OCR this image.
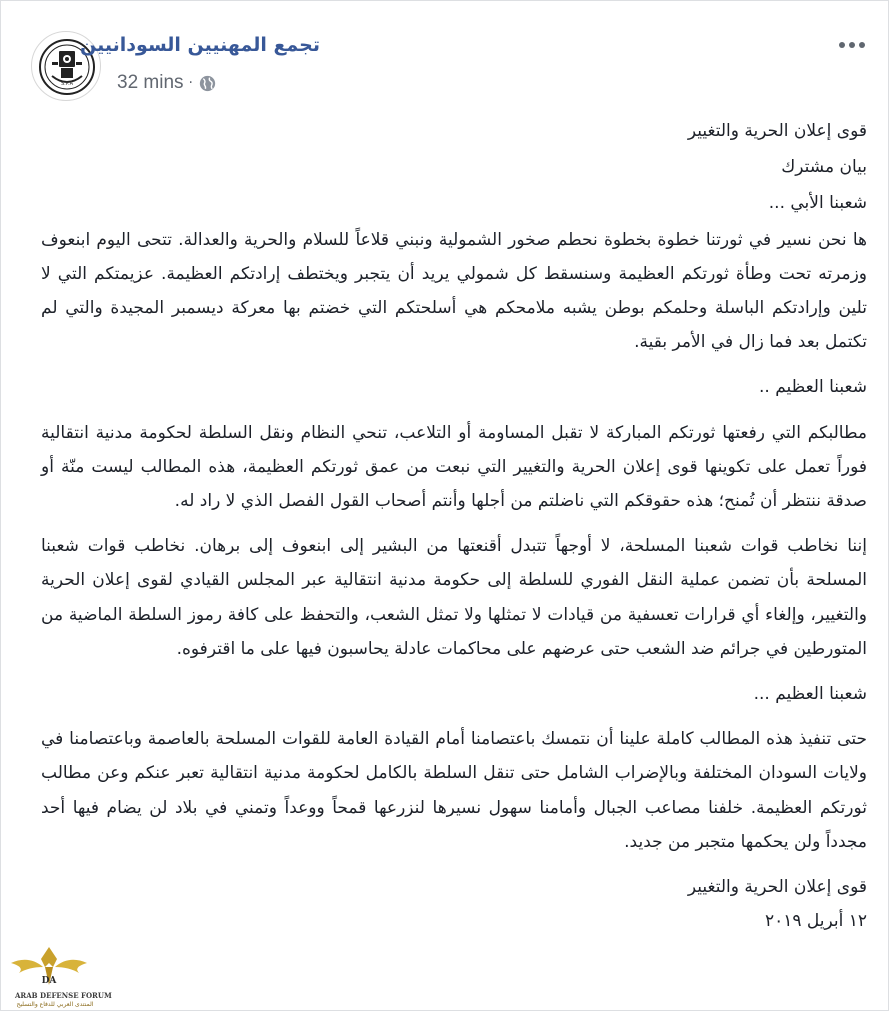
S.P.A
تجمع المهنيين السودانيين
32 mins ·

قوى إعلان الحرية والتغيير

بيان مشترك

شعبنا الأبي ...

ها نحن نسير في ثورتنا خطوة بخطوة نحطم صخور الشمولية ونبني قلاعاً للسلام والحرية والعدالة. تتحى اليوم ابنعوف وزمرته تحت وطأة ثورتكم العظيمة وسنسقط كل شمولي يريد أن يتجبر ويختطف إرادتكم العظيمة. عزيمتكم التي لا تلين وإرادتكم الباسلة وحلمكم بوطن يشبه ملامحكم هي أسلحتكم التي خضتم بها معركة ديسمبر المجيدة والتي لم تكتمل بعد فما زال في الأمر بقية.

شعبنا العظيم ..

مطالبكم التي رفعتها ثورتكم المباركة لا تقبل المساومة أو التلاعب، تنحي النظام ونقل السلطة لحكومة مدنية انتقالية فوراً تعمل على تكوينها قوى إعلان الحرية والتغيير التي نبعت من عمق ثورتكم العظيمة، هذه المطالب ليست منّة أو صدقة ننتظر أن تُمنح؛ هذه حقوقكم التي ناضلتم من أجلها وأنتم أصحاب القول الفصل الذي لا راد له.

إننا نخاطب قوات شعبنا المسلحة، لا أوجهاً تتبدل أقنعتها من البشير إلى ابنعوف إلى برهان. نخاطب قوات شعبنا المسلحة بأن تضمن عملية النقل الفوري للسلطة إلى حكومة مدنية انتقالية عبر المجلس القيادي لقوى إعلان الحرية والتغيير، وإلغاء أي قرارات تعسفية من قيادات لا تمثلها ولا تمثل الشعب، والتحفظ على كافة رموز السلطة الماضية من المتورطين في جرائم ضد الشعب حتى عرضهم على محاكمات عادلة يحاسبون فيها على ما اقترفوه.

شعبنا العظيم ...

حتى تنفيذ هذه المطالب كاملة علينا أن نتمسك باعتصامنا أمام القيادة العامة للقوات المسلحة بالعاصمة وباعتصامنا في ولايات السودان المختلفة وبالإضراب الشامل حتى تنقل السلطة بالكامل لحكومة مدنية انتقالية تعبر عنكم وعن مطالب ثورتكم العظيمة. خلفنا مصاعب الجبال وأمامنا سهول نسيرها لنزرعها قمحاً ووعداً وتمني في بلاد لن يضام فيها أحد مجدداً ولن يحكمها متجبر من جديد.

قوى إعلان الحرية والتغيير

١٢ أبريل ٢٠١٩

DA
ARAB DEFENSE FORUM
المنتدى العربي للدفاع والتسليح
